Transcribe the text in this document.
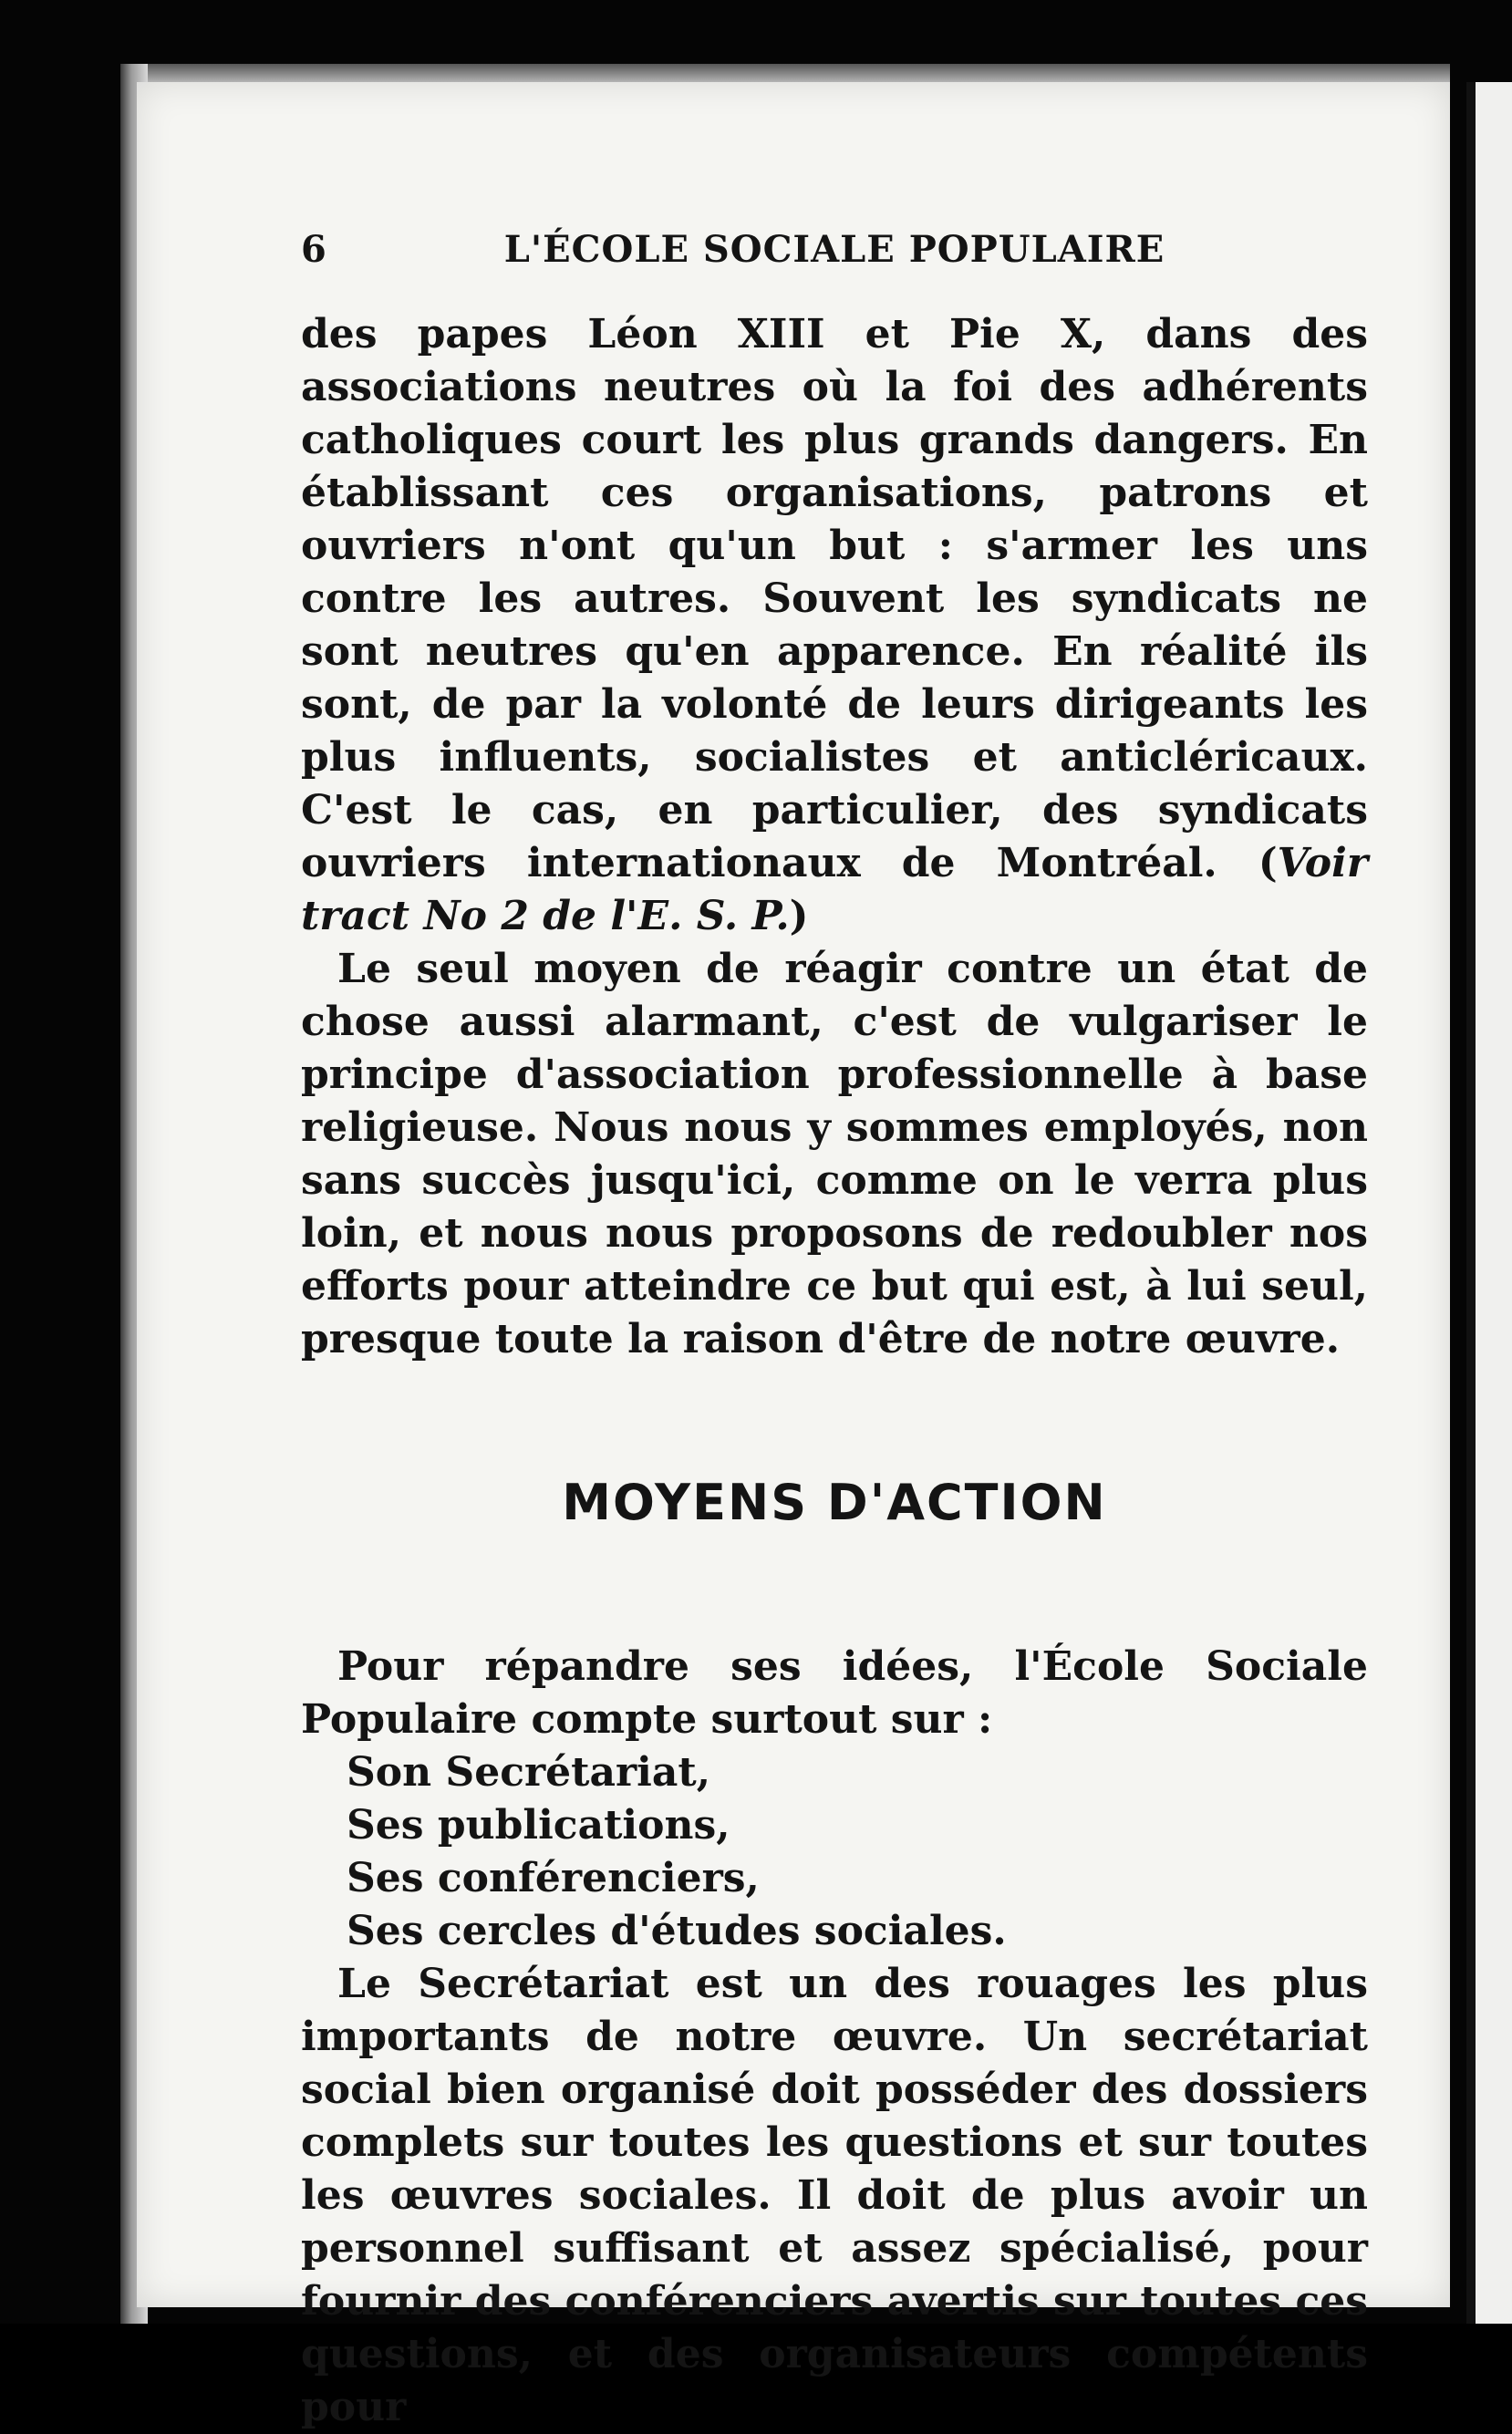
6	L'ÉCOLE SOCIALE POPULAIRE

des papes Léon XIII et Pie X, dans des associations neutres où la foi des adhérents catholiques court les plus grands dangers. En établissant ces organisations, patrons et ouvriers n'ont qu'un but : s'armer les uns contre les autres. Souvent les syndicats ne sont neutres qu'en apparence. En réalité ils sont, de par la volonté de leurs dirigeants les plus influents, socialistes et anticléricaux. C'est le cas, en particulier, des syndicats ouvriers internationaux de Montréal. (Voir tract No 2 de l'E. S. P.)

Le seul moyen de réagir contre un état de chose aussi alarmant, c'est de vulgariser le principe d'association professionnelle à base religieuse. Nous nous y sommes employés, non sans succès jusqu'ici, comme on le verra plus loin, et nous nous proposons de redoubler nos efforts pour atteindre ce but qui est, à lui seul, presque toute la raison d'être de notre œuvre.

MOYENS D'ACTION

Pour répandre ses idées, l'École Sociale Populaire compte surtout sur :

Son Secrétariat,
Ses publications,
Ses conférenciers,
Ses cercles d'études sociales.

Le Secrétariat est un des rouages les plus importants de notre œuvre. Un secrétariat social bien organisé doit posséder des dossiers complets sur toutes les questions et sur toutes les œuvres sociales. Il doit de plus avoir un personnel suffisant et assez spécialisé, pour fournir des conférenciers avertis sur toutes ces questions, et des organisateurs compétents pour
